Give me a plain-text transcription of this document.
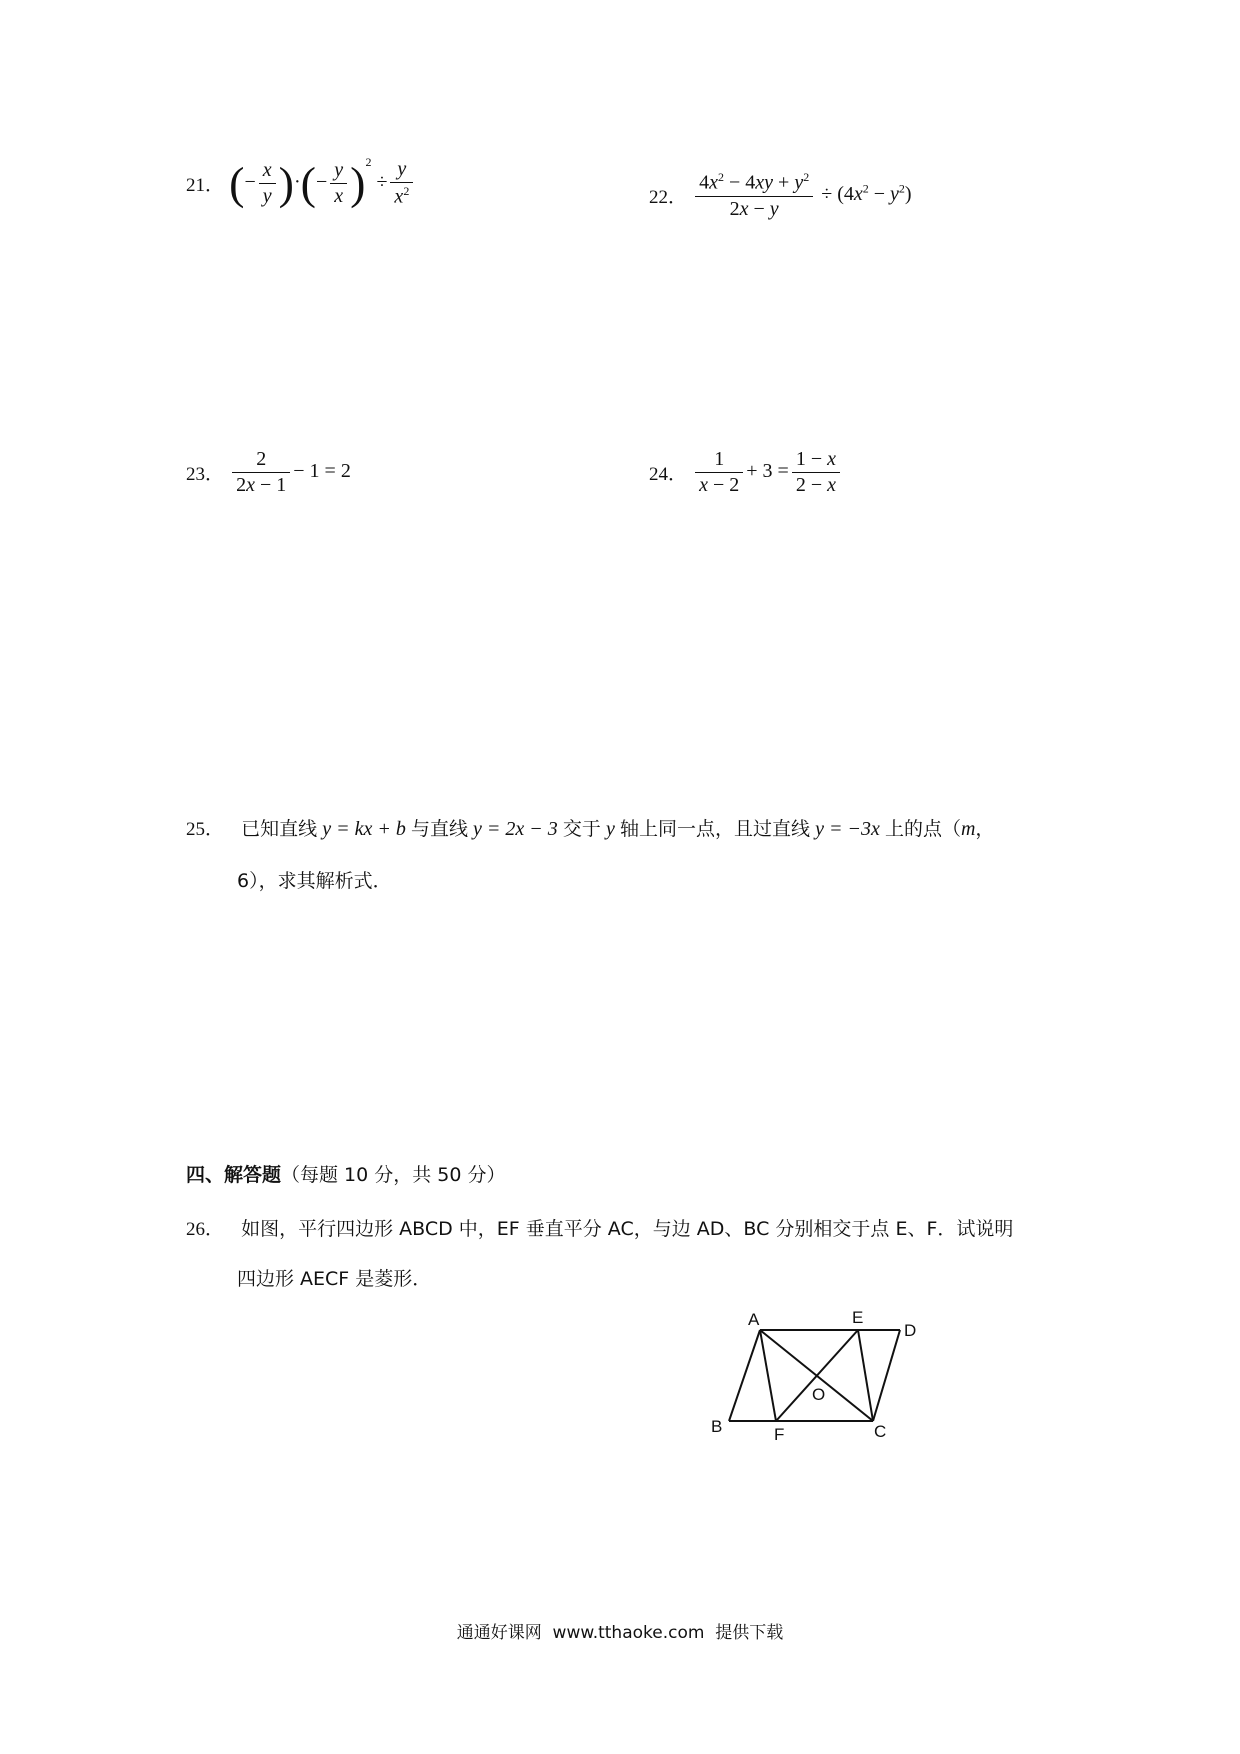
21． (− $\frac{x}{y}$ )·(− $\frac{y}{x} )^2 \div \frac{y}{x^2}$	22． $\frac{4x^2 - 4xy + y^2}{2x - y} \div (4x^2 - y^2)$
23． $\frac{2}{2x - 1} - 1 = 2$	24． $\frac{1}{x - 2} + 3 = \frac{1 - x}{2 - x}$
25． 已知直线 y = kx + b 与直线 y = 2x − 3 交于 y 轴上同一点，且过直线 y = −3x 上的点（m，
6），求其解析式．
四、解答题（每题 10 分，共 50 分）
26． 如图，平行四边形 ABCD 中，EF 垂直平分 AC，与边 AD、BC 分别相交于点 E、F．试说明
四边形 AECF 是菱形．
A	E
D
O
B	F	C
通通好课网  www.tthaoke.com  提供下载
